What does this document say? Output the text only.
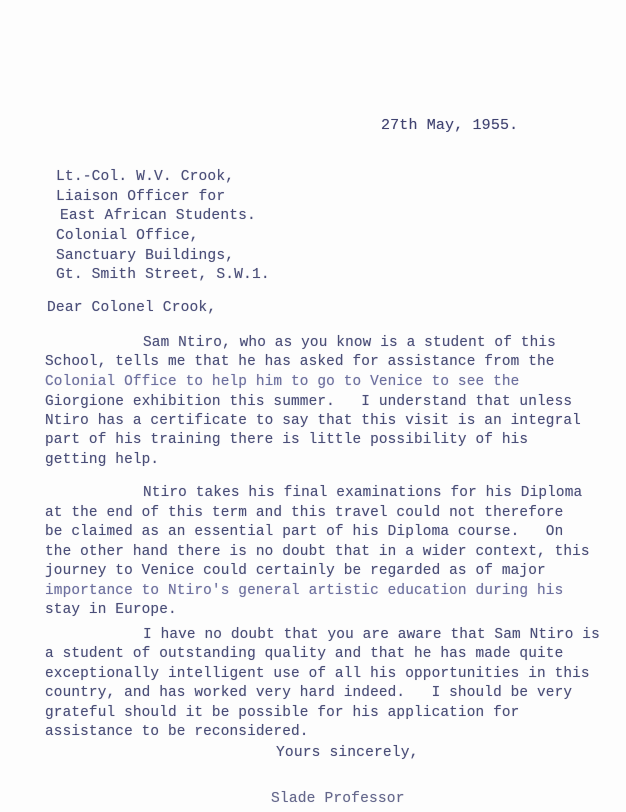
27th May, 1955.
Lt.-Col. W.V. Crook,
Liaison Officer for
East African Students.
Colonial Office,
Sanctuary Buildings,
Gt. Smith Street, S.W.1.
Dear Colonel Crook,
Sam Ntiro, who as you know is a student of this
School, tells me that he has asked for assistance from the
Colonial Office to help him to go to Venice to see the
Giorgione exhibition this summer.   I understand that unless
Ntiro has a certificate to say that this visit is an integral
part of his training there is little possibility of his
getting help.
Ntiro takes his final examinations for his Diploma
at the end of this term and this travel could not therefore
be claimed as an essential part of his Diploma course.   On
the other hand there is no doubt that in a wider context, this
journey to Venice could certainly be regarded as of major
importance to Ntiro's general artistic education during his
stay in Europe.
I have no doubt that you are aware that Sam Ntiro is
a student of outstanding quality and that he has made quite
exceptionally intelligent use of all his opportunities in this
country, and has worked very hard indeed.   I should be very
grateful should it be possible for his application for
assistance to be reconsidered.
Yours sincerely,
Slade Professor
